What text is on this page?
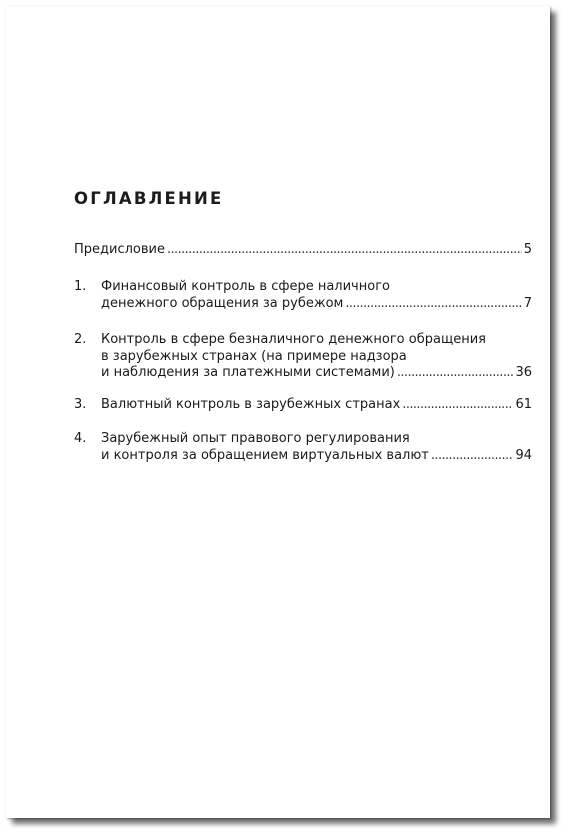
ОГЛАВЛЕНИЕ
Предисловие .....	5
1. Финансовый контроль в сфере наличного
денежного обращения за рубежом .....	7
2. Контроль в сфере безналичного денежного обращения
в зарубежных странах (на примере надзора
и наблюдения за платежными системами) .....	36
3. Валютный контроль в зарубежных странах .....	61
4. Зарубежный опыт правового регулирования
и контроля за обращением виртуальных валют .....	94
